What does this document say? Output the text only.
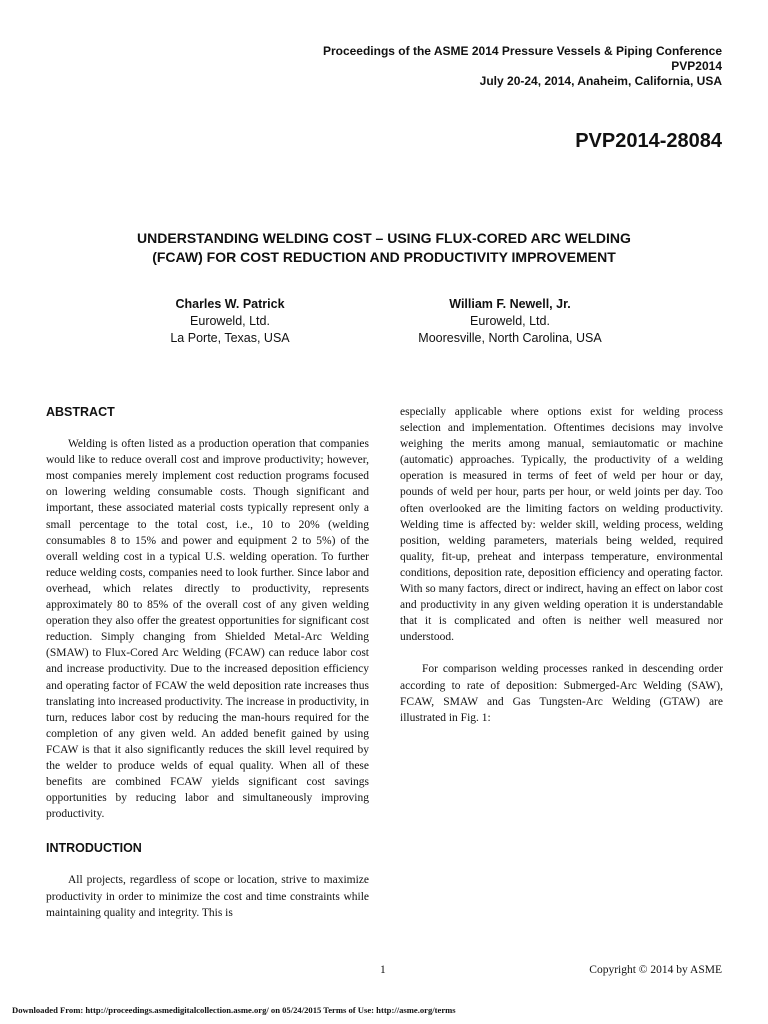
Proceedings of the ASME 2014 Pressure Vessels & Piping Conference
PVP2014
July 20-24, 2014, Anaheim, California, USA
PVP2014-28084
UNDERSTANDING WELDING COST – USING FLUX-CORED ARC WELDING
(FCAW) FOR COST REDUCTION AND PRODUCTIVITY IMPROVEMENT
Charles W. Patrick
Euroweld, Ltd.
La Porte, Texas, USA
William F. Newell, Jr.
Euroweld, Ltd.
Mooresville, North Carolina, USA
ABSTRACT

Welding is often listed as a production operation that companies would like to reduce overall cost and improve productivity; however, most companies merely implement cost reduction programs focused on lowering welding consumable costs. Though significant and important, these associated material costs typically represent only a small percentage to the total cost, i.e., 10 to 20% (welding consumables 8 to 15% and power and equipment 2 to 5%) of the overall welding cost in a typical U.S. welding operation. To further reduce welding costs, companies need to look further. Since labor and overhead, which relates directly to productivity, represents approximately 80 to 85% of the overall cost of any given welding operation they also offer the greatest opportunities for significant cost reduction. Simply changing from Shielded Metal-Arc Welding (SMAW) to Flux-Cored Arc Welding (FCAW) can reduce labor cost and increase productivity. Due to the increased deposition efficiency and operating factor of FCAW the weld deposition rate increases thus translating into increased productivity. The increase in productivity, in turn, reduces labor cost by reducing the man-hours required for the completion of any given weld. An added benefit gained by using FCAW is that it also significantly reduces the skill level required by the welder to produce welds of equal quality. When all of these benefits are combined FCAW yields significant cost savings opportunities by reducing labor and simultaneously improving productivity.

INTRODUCTION

All projects, regardless of scope or location, strive to maximize productivity in order to minimize the cost and time constraints while maintaining quality and integrity. This is

especially applicable where options exist for welding process selection and implementation. Oftentimes decisions may involve weighing the merits among manual, semiautomatic or machine (automatic) approaches. Typically, the productivity of a welding operation is measured in terms of feet of weld per hour or day, pounds of weld per hour, parts per hour, or weld joints per day. Too often overlooked are the limiting factors on welding productivity. Welding time is affected by: welder skill, welding process, welding position, welding parameters, materials being welded, required quality, fit-up, preheat and interpass temperature, environmental conditions, deposition rate, deposition efficiency and operating factor. With so many factors, direct or indirect, having an effect on labor cost and productivity in any given welding operation it is understandable that it is complicated and often is neither well measured nor understood.

For comparison welding processes ranked in descending order according to rate of deposition: Submerged-Arc Welding (SAW), FCAW, SMAW and Gas Tungsten-Arc Welding (GTAW) are illustrated in Fig. 1:

1	Copyright © 2014 by ASME
Downloaded From: http://proceedings.asmedigitalcollection.asme.org/ on 05/24/2015 Terms of Use: http://asme.org/terms
